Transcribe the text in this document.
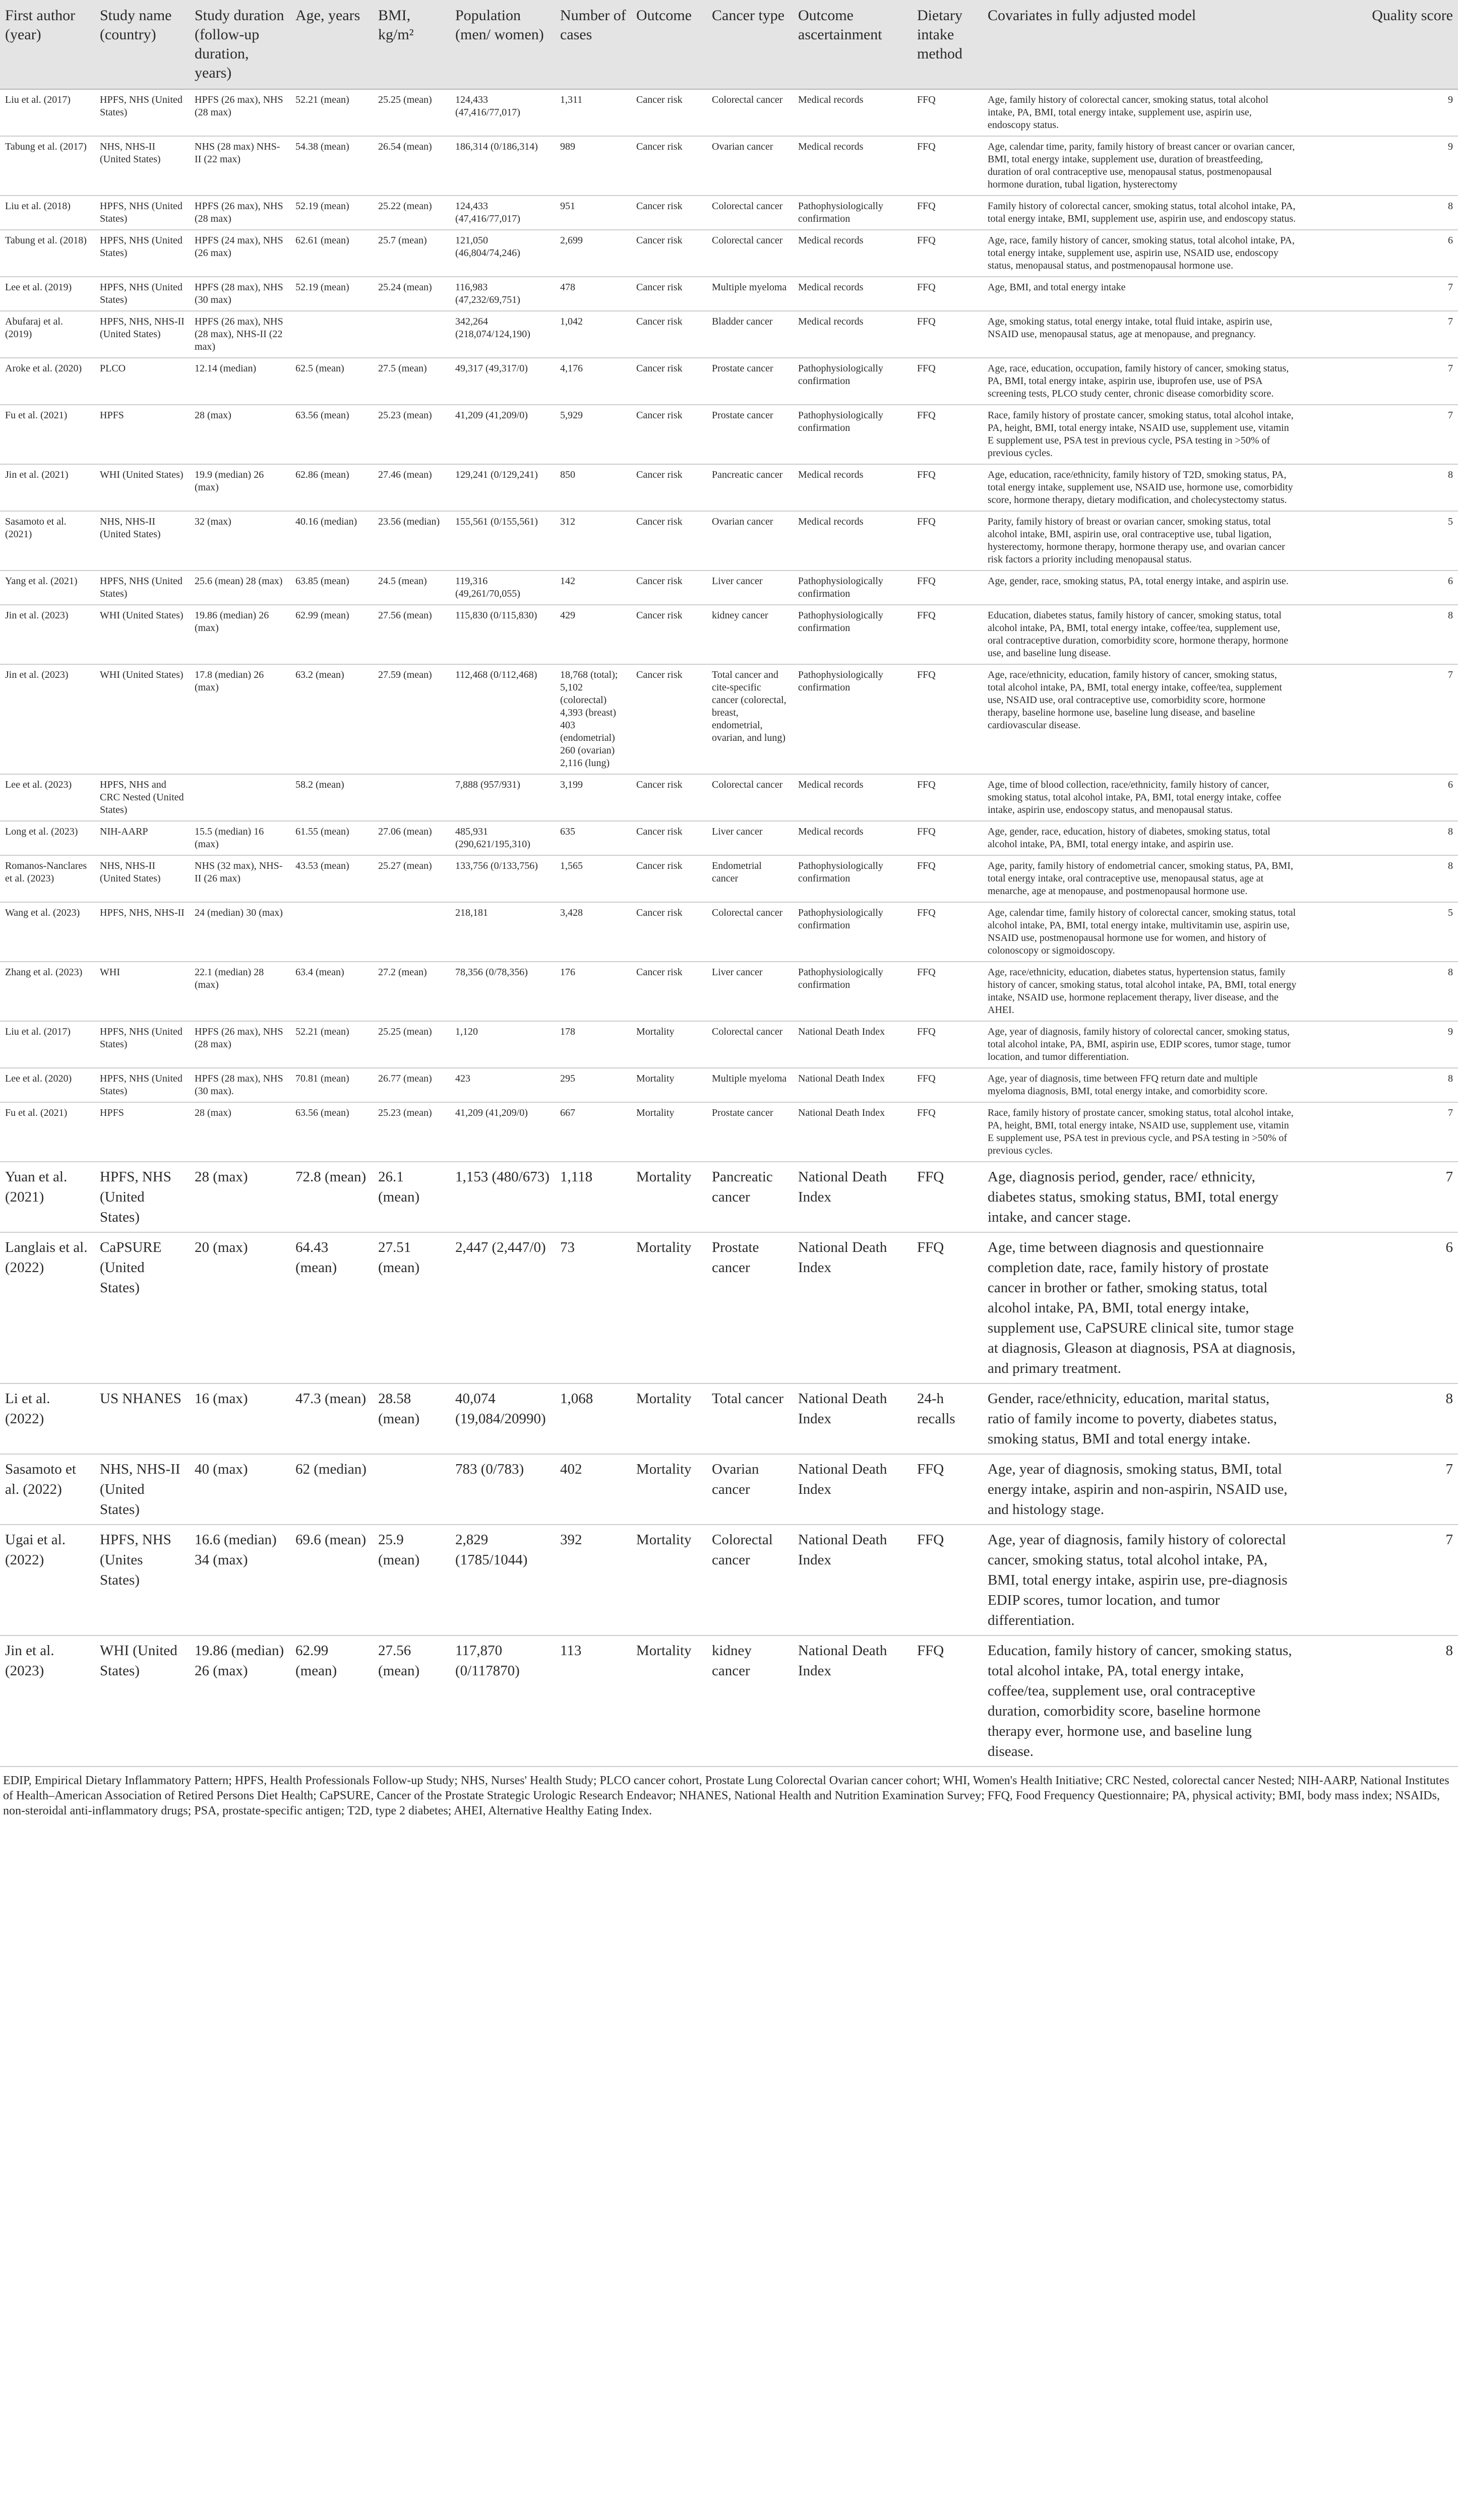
First author (year)	Study name (country)	Study duration (follow-up duration, years)	Age, years	BMI, kg/m²	Population (men/ women)	Number of cases	Outcome	Cancer type	Outcome ascertainment	Dietary intake method	Covariates in fully adjusted model	Quality score
Liu et al. (2017)	HPFS, NHS (United States)	HPFS (26 max), NHS (28 max)	52.21 (mean)	25.25 (mean)	124,433 (47,416/77,017)	1,311	Cancer risk	Colorectal cancer	Medical records	FFQ	Age, family history of colorectal cancer, smoking status, total alcohol intake, PA, BMI, total energy intake, supplement use, aspirin use, endoscopy status.	9
Tabung et al. (2017)	NHS, NHS-II (United States)	NHS (28 max) NHS-II (22 max)	54.38 (mean)	26.54 (mean)	186,314 (0/186,314)	989	Cancer risk	Ovarian cancer	Medical records	FFQ	Age, calendar time, parity, family history of breast cancer or ovarian cancer, BMI, total energy intake, supplement use, duration of breastfeeding, duration of oral contraceptive use, menopausal status, postmenopausal hormone duration, tubal ligation, hysterectomy	9
Liu et al. (2018)	HPFS, NHS (United States)	HPFS (26 max), NHS (28 max)	52.19 (mean)	25.22 (mean)	124,433 (47,416/77,017)	951	Cancer risk	Colorectal cancer	Pathophysiologically confirmation	FFQ	Family history of colorectal cancer, smoking status, total alcohol intake, PA, total energy intake, BMI, supplement use, aspirin use, and endoscopy status.	8
Tabung et al. (2018)	HPFS, NHS (United States)	HPFS (24 max), NHS (26 max)	62.61 (mean)	25.7 (mean)	121,050 (46,804/74,246)	2,699	Cancer risk	Colorectal cancer	Medical records	FFQ	Age, race, family history of cancer, smoking status, total alcohol intake, PA, total energy intake, supplement use, aspirin use, NSAID use, endoscopy status, menopausal status, and postmenopausal hormone use.	6
Lee et al. (2019)	HPFS, NHS (United States)	HPFS (28 max), NHS (30 max)	52.19 (mean)	25.24 (mean)	116,983 (47,232/69,751)	478	Cancer risk	Multiple myeloma	Medical records	FFQ	Age, BMI, and total energy intake	7
Abufaraj et al. (2019)	HPFS, NHS, NHS-II (United States)	HPFS (26 max), NHS (28 max), NHS-II (22 max)			342,264 (218,074/124,190)	1,042	Cancer risk	Bladder cancer	Medical records	FFQ	Age, smoking status, total energy intake, total fluid intake, aspirin use, NSAID use, menopausal status, age at menopause, and pregnancy.	7
Aroke et al. (2020)	PLCO	12.14 (median)	62.5 (mean)	27.5 (mean)	49,317 (49,317/0)	4,176	Cancer risk	Prostate cancer	Pathophysiologically confirmation	FFQ	Age, race, education, occupation, family history of cancer, smoking status, PA, BMI, total energy intake, aspirin use, ibuprofen use, use of PSA screening tests, PLCO study center, chronic disease comorbidity score.	7
Fu et al. (2021)	HPFS	28 (max)	63.56 (mean)	25.23 (mean)	41,209 (41,209/0)	5,929	Cancer risk	Prostate cancer	Pathophysiologically confirmation	FFQ	Race, family history of prostate cancer, smoking status, total alcohol intake, PA, height, BMI, total energy intake, NSAID use, supplement use, vitamin E supplement use, PSA test in previous cycle, PSA testing in >50% of previous cycles.	7
Jin et al. (2021)	WHI (United States)	19.9 (median) 26 (max)	62.86 (mean)	27.46 (mean)	129,241 (0/129,241)	850	Cancer risk	Pancreatic cancer	Medical records	FFQ	Age, education, race/ethnicity, family history of T2D, smoking status, PA, total energy intake, supplement use, NSAID use, hormone use, comorbidity score, hormone therapy, dietary modification, and cholecystectomy status.	8
Sasamoto et al. (2021)	NHS, NHS-II (United States)	32 (max)	40.16 (median)	23.56 (median)	155,561 (0/155,561)	312	Cancer risk	Ovarian cancer	Medical records	FFQ	Parity, family history of breast or ovarian cancer, smoking status, total alcohol intake, BMI, aspirin use, oral contraceptive use, tubal ligation, hysterectomy, hormone therapy, hormone therapy use, and ovarian cancer risk factors a priority including menopausal status.	5
Yang et al. (2021)	HPFS, NHS (United States)	25.6 (mean) 28 (max)	63.85 (mean)	24.5 (mean)	119,316 (49,261/70,055)	142	Cancer risk	Liver cancer	Pathophysiologically confirmation	FFQ	Age, gender, race, smoking status, PA, total energy intake, and aspirin use.	6
Jin et al. (2023)	WHI (United States)	19.86 (median) 26 (max)	62.99 (mean)	27.56 (mean)	115,830 (0/115,830)	429	Cancer risk	kidney cancer	Pathophysiologically confirmation	FFQ	Education, diabetes status, family history of cancer, smoking status, total alcohol intake, PA, BMI, total energy intake, coffee/tea, supplement use, oral contraceptive duration, comorbidity score, hormone therapy, hormone use, and baseline lung disease.	8
Jin et al. (2023)	WHI (United States)	17.8 (median) 26 (max)	63.2 (mean)	27.59 (mean)	112,468 (0/112,468)	18,768 (total); 5,102 (colorectal) 4,393 (breast) 403 (endometrial) 260 (ovarian) 2,116 (lung)	Cancer risk	Total cancer and cite-specific cancer (colorectal, breast, endometrial, ovarian, and lung)	Pathophysiologically confirmation	FFQ	Age, race/ethnicity, education, family history of cancer, smoking status, total alcohol intake, PA, BMI, total energy intake, coffee/tea, supplement use, NSAID use, oral contraceptive use, comorbidity score, hormone therapy, baseline hormone use, baseline lung disease, and baseline cardiovascular disease.	7
Lee et al. (2023)	HPFS, NHS and CRC Nested (United States)		58.2 (mean)		7,888 (957/931)	3,199	Cancer risk	Colorectal cancer	Medical records	FFQ	Age, time of blood collection, race/ethnicity, family history of cancer, smoking status, total alcohol intake, PA, BMI, total energy intake, coffee intake, aspirin use, endoscopy status, and menopausal status.	6
Long et al. (2023)	NIH-AARP	15.5 (median) 16 (max)	61.55 (mean)	27.06 (mean)	485,931 (290,621/195,310)	635	Cancer risk	Liver cancer	Medical records	FFQ	Age, gender, race, education, history of diabetes, smoking status, total alcohol intake, PA, BMI, total energy intake, and aspirin use.	8
Romanos-Nanclares et al. (2023)	NHS, NHS-II (United States)	NHS (32 max), NHS-II (26 max)	43.53 (mean)	25.27 (mean)	133,756 (0/133,756)	1,565	Cancer risk	Endometrial cancer	Pathophysiologically confirmation	FFQ	Age, parity, family history of endometrial cancer, smoking status, PA, BMI, total energy intake, oral contraceptive use, menopausal status, age at menarche, age at menopause, and postmenopausal hormone use.	8
Wang et al. (2023)	HPFS, NHS, NHS-II	24 (median) 30 (max)			218,181	3,428	Cancer risk	Colorectal cancer	Pathophysiologically confirmation	FFQ	Age, calendar time, family history of colorectal cancer, smoking status, total alcohol intake, PA, BMI, total energy intake, multivitamin use, aspirin use, NSAID use, postmenopausal hormone use for women, and history of colonoscopy or sigmoidoscopy.	5
Zhang et al. (2023)	WHI	22.1 (median) 28 (max)	63.4 (mean)	27.2 (mean)	78,356 (0/78,356)	176	Cancer risk	Liver cancer	Pathophysiologically confirmation	FFQ	Age, race/ethnicity, education, diabetes status, hypertension status, family history of cancer, smoking status, total alcohol intake, PA, BMI, total energy intake, NSAID use, hormone replacement therapy, liver disease, and the AHEI.	8
Liu et al. (2017)	HPFS, NHS (United States)	HPFS (26 max), NHS (28 max)	52.21 (mean)	25.25 (mean)	1,120	178	Mortality	Colorectal cancer	National Death Index	FFQ	Age, year of diagnosis, family history of colorectal cancer, smoking status, total alcohol intake, PA, BMI, aspirin use, EDIP scores, tumor stage, tumor location, and tumor differentiation.	9
Lee et al. (2020)	HPFS, NHS (United States)	HPFS (28 max), NHS (30 max).	70.81 (mean)	26.77 (mean)	423	295	Mortality	Multiple myeloma	National Death Index	FFQ	Age, year of diagnosis, time between FFQ return date and multiple myeloma diagnosis, BMI, total energy intake, and comorbidity score.	8
Fu et al. (2021)	HPFS	28 (max)	63.56 (mean)	25.23 (mean)	41,209 (41,209/0)	667	Mortality	Prostate cancer	National Death Index	FFQ	Race, family history of prostate cancer, smoking status, total alcohol intake, PA, height, BMI, total energy intake, NSAID use, supplement use, vitamin E supplement use, PSA test in previous cycle, and PSA testing in >50% of previous cycles.	7
Yuan et al. (2021)	HPFS, NHS (United States)	28 (max)	72.8 (mean)	26.1 (mean)	1,153 (480/673)	1,118	Mortality	Pancreatic cancer	National Death Index	FFQ	Age, diagnosis period, gender, race/ ethnicity, diabetes status, smoking status, BMI, total energy intake, and cancer stage.	7
Langlais et al. (2022)	CaPSURE (United States)	20 (max)	64.43 (mean)	27.51 (mean)	2,447 (2,447/0)	73	Mortality	Prostate cancer	National Death Index	FFQ	Age, time between diagnosis and questionnaire completion date, race, family history of prostate cancer in brother or father, smoking status, total alcohol intake, PA, BMI, total energy intake, supplement use, CaPSURE clinical site, tumor stage at diagnosis, Gleason at diagnosis, PSA at diagnosis, and primary treatment.	6
Li et al. (2022)	US NHANES	16 (max)	47.3 (mean)	28.58 (mean)	40,074 (19,084/20990)	1,068	Mortality	Total cancer	National Death Index	24-h recalls	Gender, race/ethnicity, education, marital status, ratio of family income to poverty, diabetes status, smoking status, BMI and total energy intake.	8
Sasamoto et al. (2022)	NHS, NHS-II (United States)	40 (max)	62 (median)		783 (0/783)	402	Mortality	Ovarian cancer	National Death Index	FFQ	Age, year of diagnosis, smoking status, BMI, total energy intake, aspirin and non-aspirin, NSAID use, and histology stage.	7
Ugai et al. (2022)	HPFS, NHS (Unites States)	16.6 (median) 34 (max)	69.6 (mean)	25.9 (mean)	2,829 (1785/1044)	392	Mortality	Colorectal cancer	National Death Index	FFQ	Age, year of diagnosis, family history of colorectal cancer, smoking status, total alcohol intake, PA, BMI, total energy intake, aspirin use, pre-diagnosis EDIP scores, tumor location, and tumor differentiation.	7
Jin et al. (2023)	WHI (United States)	19.86 (median) 26 (max)	62.99 (mean)	27.56 (mean)	117,870 (0/117870)	113	Mortality	kidney cancer	National Death Index	FFQ	Education, family history of cancer, smoking status, total alcohol intake, PA, total energy intake, coffee/tea, supplement use, oral contraceptive duration, comorbidity score, baseline hormone therapy ever, hormone use, and baseline lung disease.	8
EDIP, Empirical Dietary Inflammatory Pattern; HPFS, Health Professionals Follow-up Study; NHS, Nurses' Health Study; PLCO cancer cohort, Prostate Lung Colorectal Ovarian cancer cohort; WHI, Women's Health Initiative; CRC Nested, colorectal cancer Nested; NIH-AARP, National Institutes of Health–American Association of Retired Persons Diet Health; CaPSURE, Cancer of the Prostate Strategic Urologic Research Endeavor; NHANES, National Health and Nutrition Examination Survey; FFQ, Food Frequency Questionnaire; PA, physical activity; BMI, body mass index; NSAIDs, non-steroidal anti-inflammatory drugs; PSA, prostate-specific antigen; T2D, type 2 diabetes; AHEI, Alternative Healthy Eating Index.
